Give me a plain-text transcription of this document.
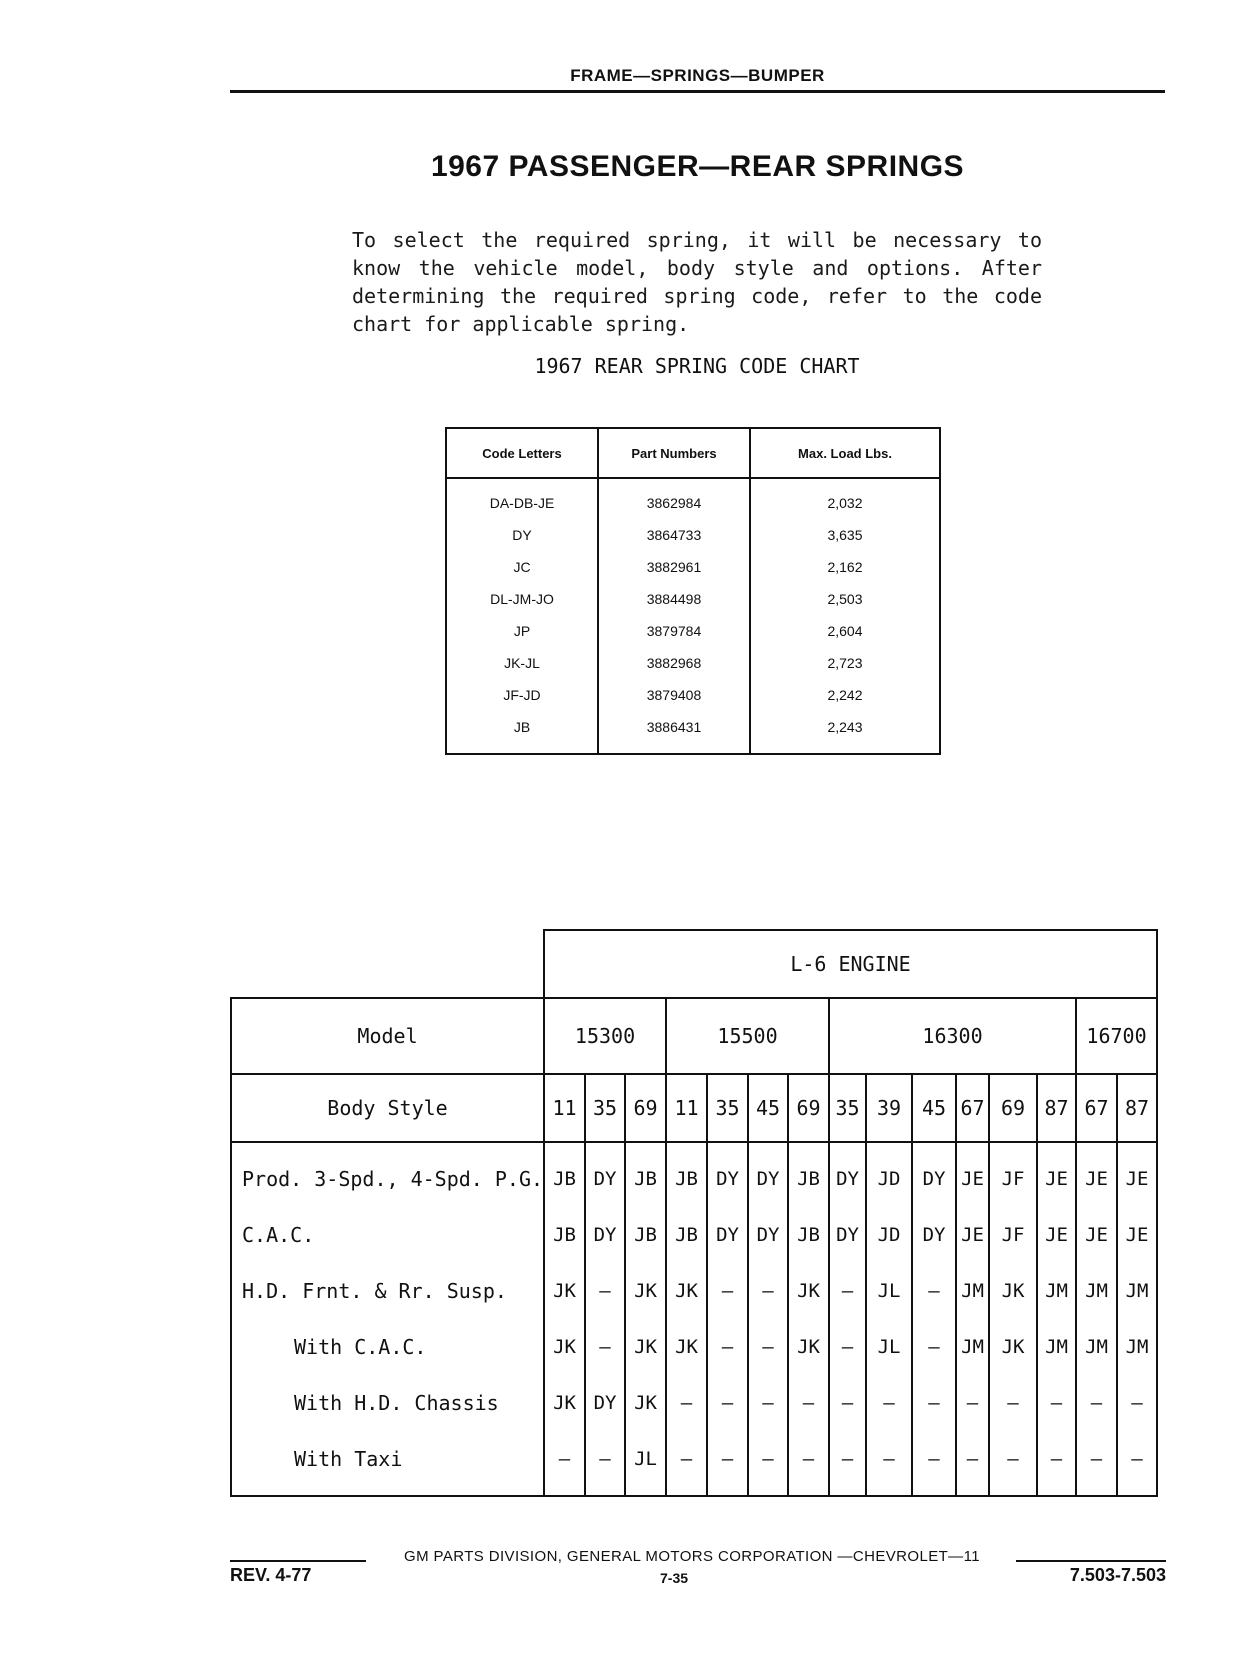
FRAME—SPRINGS—BUMPER
1967 PASSENGER—REAR SPRINGS
To select the required spring, it will be necessary to know the vehicle model, body style and options. After determining the required spring code, refer to the code chart for applicable spring.
1967 REAR SPRING CODE CHART
Code Letters	Part Numbers	Max. Load Lbs.
DA-DB-JE	3862984	2,032
DY	3864733	3,635
JC	3882961	2,162
DL-JM-JO	3884498	2,503
JP	3879784	2,604
JK-JL	3882968	2,723
JF-JD	3879408	2,242
JB	3886431	2,243
	L-6 ENGINE														
Model	15300			15500				16300						16700	
Body Style	11	35	69	11	35	45	69	35	39	45	67	69	87	67	87
Prod. 3-Spd., 4-Spd. P.G.	JB	DY	JB	JB	DY	DY	JB	DY	JD	DY	JE	JF	JE	JE	JE
C.A.C.	JB	DY	JB	JB	DY	DY	JB	DY	JD	DY	JE	JF	JE	JE	JE
H.D. Frnt. & Rr. Susp.	JK	—	JK	JK	—	—	JK	—	JL	—	JM	JK	JM	JM	JM
With C.A.C.	JK	—	JK	JK	—	—	JK	—	JL	—	JM	JK	JM	JM	JM
With H.D. Chassis	JK	DY	JK	—	—	—	—	—	—	—	—	—	—	—	—
With Taxi	—	—	JL	—	—	—	—	—	—	—	—	—	—	—	—
GM PARTS DIVISION, GENERAL MOTORS CORPORATION —CHEVROLET—11
REV. 4-77	7-35	7.503-7.503
